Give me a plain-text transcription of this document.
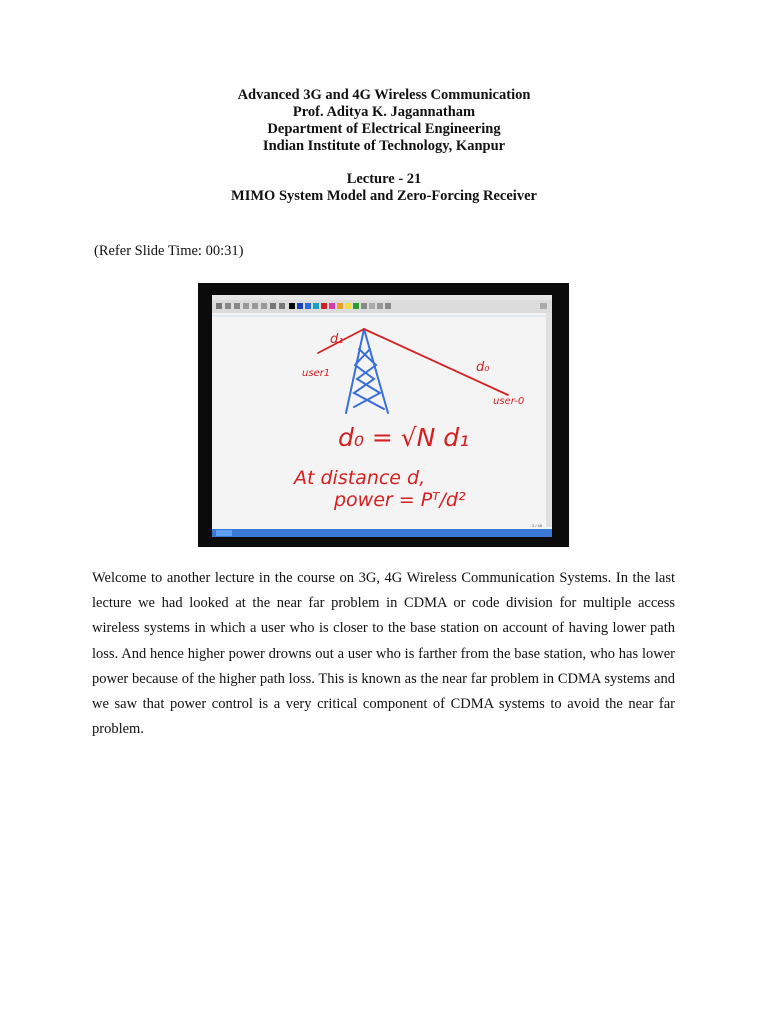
Advanced 3G and 4G Wireless Communication
Prof. Aditya K. Jagannatham
Department of Electrical Engineering
Indian Institute of Technology, Kanpur
Lecture - 21
MIMO System Model and Zero-Forcing Receiver
(Refer Slide Time: 00:31)
2 / 46
d₁
d₀
user1
user-0
d₀ = √N d₁
At distance d,
power = Pᵀ/d²

Welcome to another lecture in the course on 3G, 4G Wireless Communication Systems. In the last lecture we had looked at the near far problem in CDMA or code division for multiple access wireless systems in which a user who is closer to the base station on account of having lower path loss. And hence higher power drowns out a user who is farther from the base station, who has lower power because of the higher path loss. This is known as the near far problem in CDMA systems and we saw that power control is a very critical component of CDMA systems to avoid the near far problem.
